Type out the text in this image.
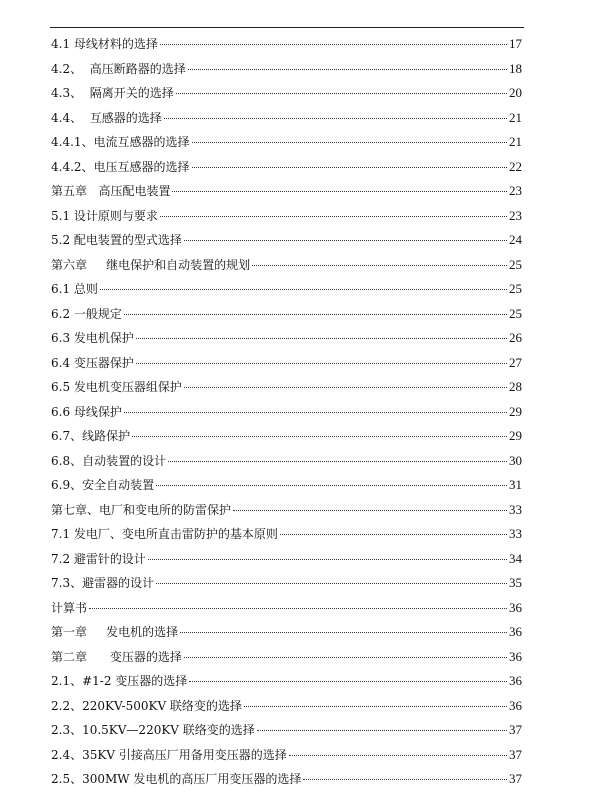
4.1 母线材料的选择	17
4.2、  高压断路器的选择	18
4.3、  隔离开关的选择	20
4.4、  互感器的选择	21
4.4.1、电流互感器的选择	21
4.4.2、电压互感器的选择	22
第五章   高压配电装置	23
5.1 设计原则与要求	23
5.2 配电装置的型式选择	24
第六章     继电保护和自动装置的规划	25
6.1 总则	25
6.2 一般规定	25
6.3 发电机保护	26
6.4 变压器保护	27
6.5 发电机变压器组保护	28
6.6 母线保护	29
6.7、线路保护	29
6.8、自动装置的设计	30
6.9、安全自动装置	31
第七章、电厂和变电所的防雷保护	33
7.1 发电厂、变电所直击雷防护的基本原则	33
7.2 避雷针的设计	34
7.3、避雷器的设计	35
计算书	36
第一章     发电机的选择	36
第二章      变压器的选择	36
2.1、#1-2 变压器的选择	36
2.2、220KV-500KV 联络变的选择	36
2.3、10.5KV—220KV 联络变的选择	37
2.4、35KV 引接高压厂用备用变压器的选择	37
2.5、300MW 发电机的高压厂用变压器的选择	37
